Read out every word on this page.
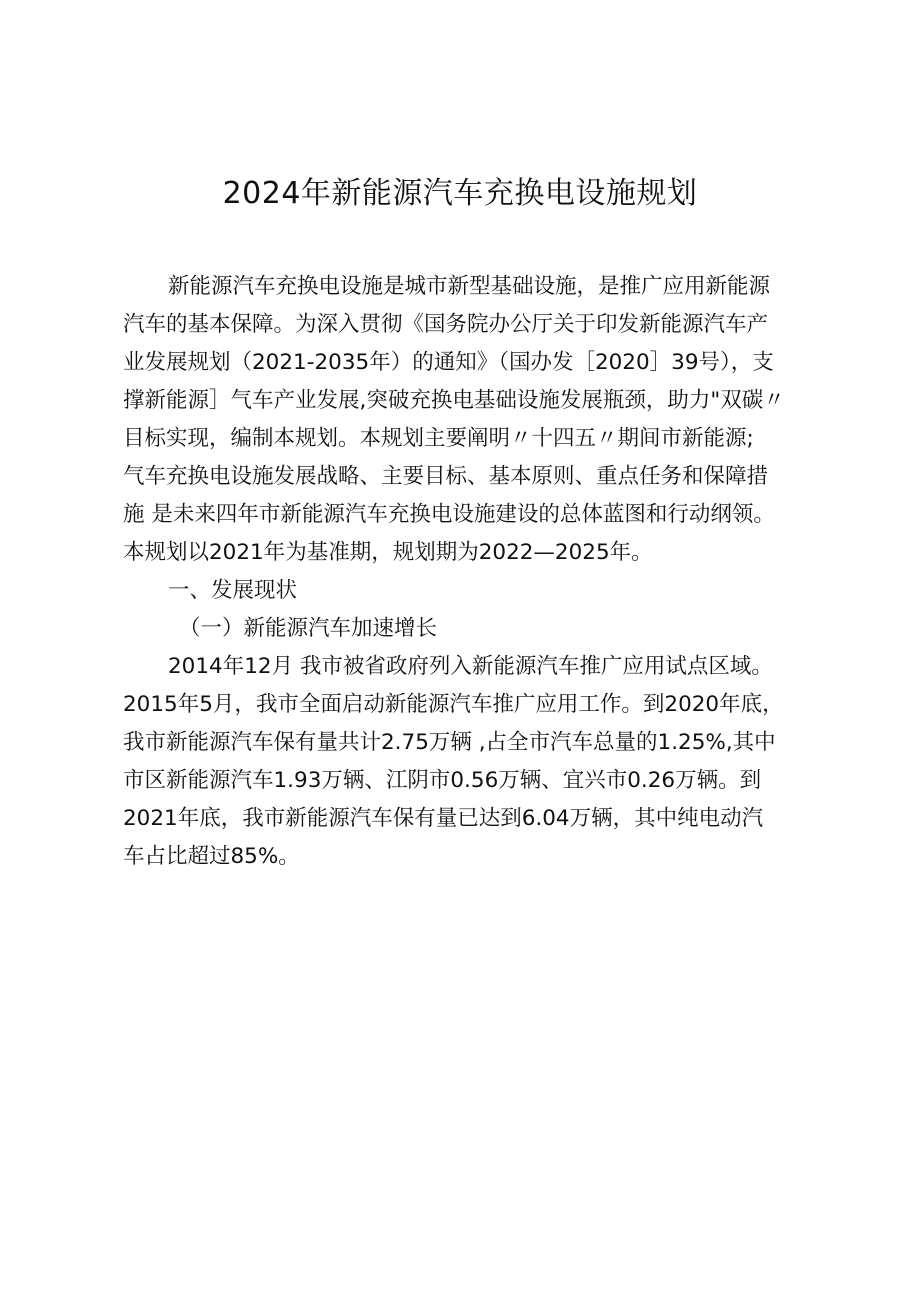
2024年新能源汽车充换电设施规划
新能源汽车充换电设施是城市新型基础设施，是推广应用新能源
汽车的基本保障。为深入贯彻《国务院办公厅关于印发新能源汽车产
业发展规划（2021-2035年）的通知》（国办发［2020］39号），支
撑新能源］气车产业发展,突破充换电基础设施发展瓶颈，助力"双碳〃
目标实现，编制本规划。本规划主要阐明〃十四五〃期间市新能源;
气车充换电设施发展战略、主要目标、基本原则、重点任务和保障措
施 是未来四年市新能源汽车充换电设施建设的总体蓝图和行动纲领。
本规划以2021年为基准期，规划期为2022—2025年。
一、发展现状
（一）新能源汽车加速增长
2014年12月 我市被省政府列入新能源汽车推广应用试点区域。
2015年5月，我市全面启动新能源汽车推广应用工作。到2020年底，
我市新能源汽车保有量共计2.75万辆 ,占全市汽车总量的1.25%,其中
市区新能源汽车1.93万辆、江阴市0.56万辆、宜兴市0.26万辆。到
2021年底，我市新能源汽车保有量已达到6.04万辆，其中纯电动汽
车占比超过85%。
